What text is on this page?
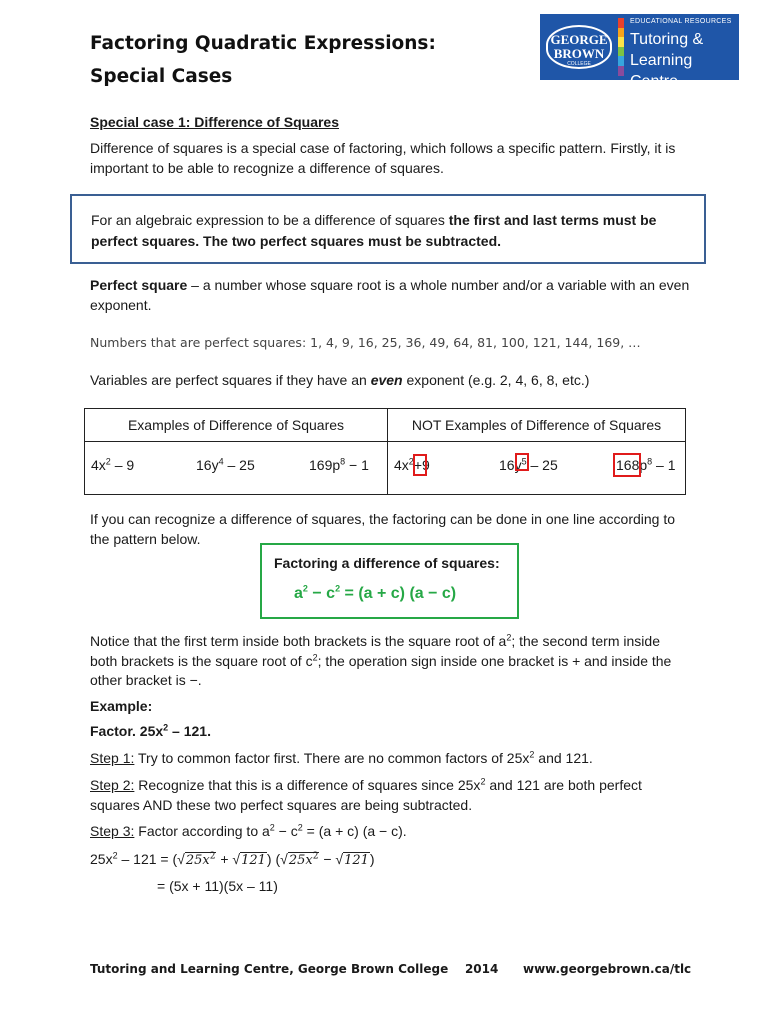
Factoring Quadratic Expressions:
Special Cases
GEORGE
BROWN
COLLEGE
EDUCATIONAL RESOURCES
Tutoring &
Learning Centre
Special case 1: Difference of Squares
Difference of squares is a special case of factoring, which follows a specific pattern. Firstly, it is important to be able to recognize a difference of squares.
For an algebraic expression to be a difference of squares the first and last terms must be perfect squares. The two perfect squares must be subtracted.
Perfect square – a number whose square root is a whole number and/or a variable with an even exponent.
Numbers that are perfect squares: 1, 4, 9, 16, 25, 36, 49, 64, 81, 100, 121, 144, 169, …
Variables are perfect squares if they have an even exponent (e.g. 2, 4, 6, 8, etc.)
Examples of Difference of Squares	NOT Examples of Difference of Squares

$4x^2 - 9$ $16y^4 - 25$ $169p^8 - 1$	$4x^2+9$ $16y^5 - 25$ $168p^8 - 1$
If you can recognize a difference of squares, the factoring can be done in one line according to the pattern below.
Factoring a difference of squares:
$a^2 - c^2 = (a + c) (a - c)$
Notice that the first term inside both brackets is the square root of $a^2$; the second term inside both brackets is the square root of $c^2$; the operation sign inside one bracket is + and inside the other bracket is −.
Example:
Factor. $25x^2 - 121$.
Step 1: Try to common factor first. There are no common factors of $25x^2$ and 121.
Step 2: Recognize that this is a difference of squares since $25x^2$ and 121 are both perfect squares AND these two perfect squares are being subtracted.
Step 3: Factor according to $a^2 - c^2 = (a + c) (a - c)$.
$25x^2 - 121 = (√25x^2 + √121) (√25x^2 - √121)$
= (5x + 11)(5x – 11)
Tutoring and Learning Centre, George Brown College    2014 www.georgebrown.ca/tlc
